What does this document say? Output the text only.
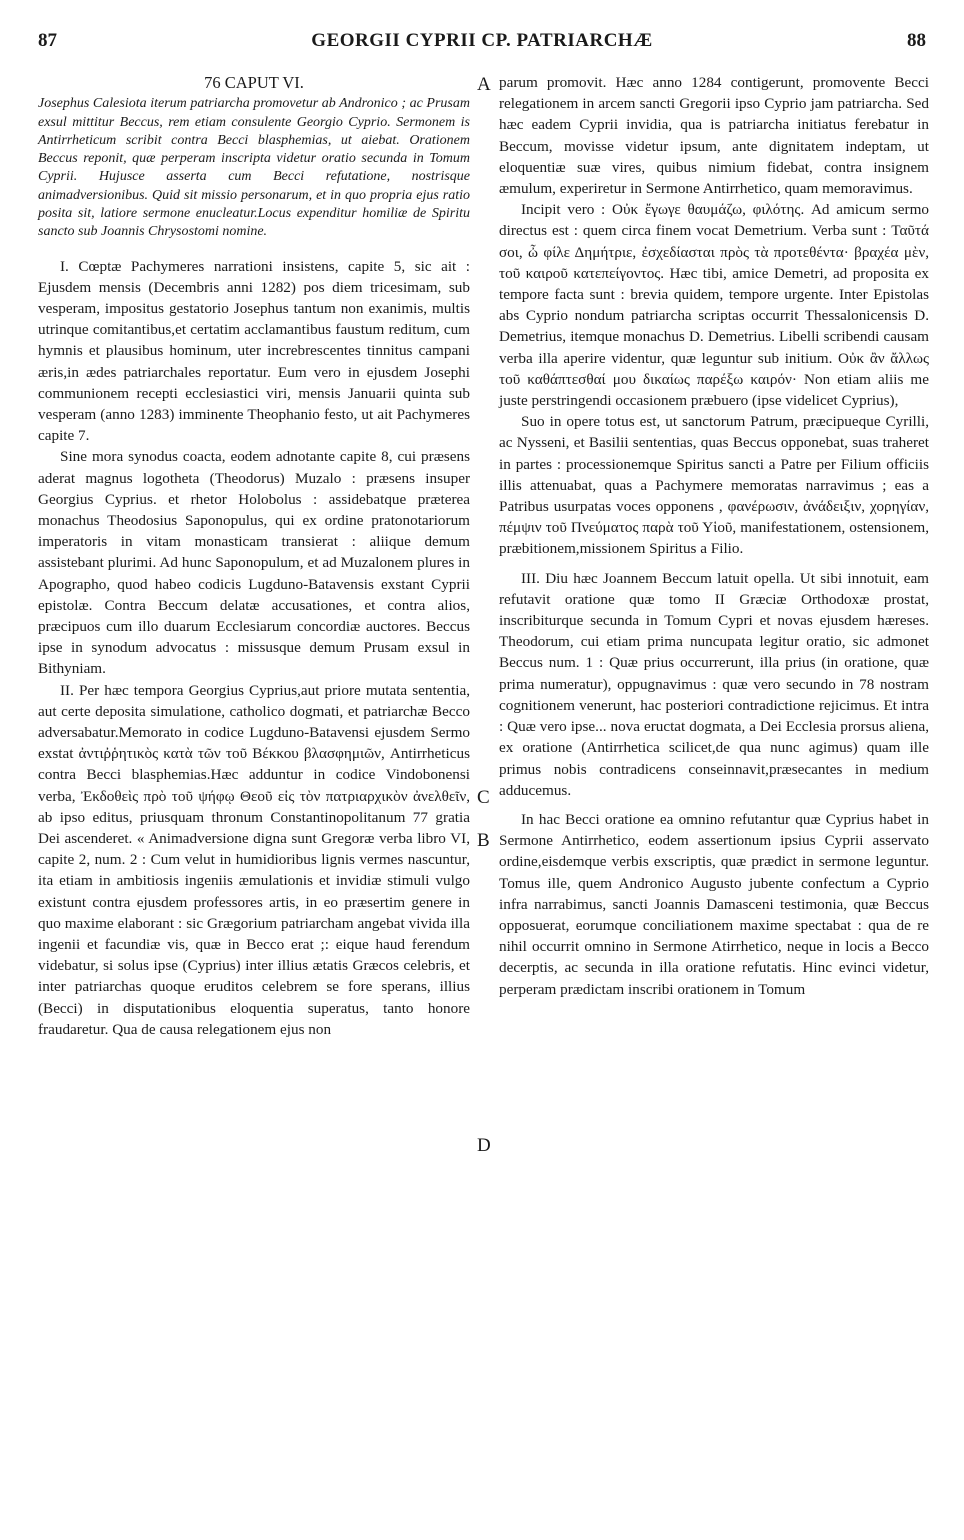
87	GEORGII CYPRII CP. PATRIARCHÆ	88
76 CAPUT VI.
Josephus Calesiota iterum patriarcha promovetur ab Andronico ; ac Prusam exsul mittitur Beccus, rem etiam consulente Georgio Cyprio. Sermonem is Antirrheticum scribit contra Becci blasphemias, ut aiebat. Orationem Beccus reponit, quæ perperam inscripta videtur oratio secunda in Tomum Cyprii. Hujusce asserta cum Becci refutatione, nostrisque animadversionibus. Quid sit missio personarum, et in quo propria ejus ratio posita sit, latiore sermone enucleatur.Locus expenditur homiliæ de Spiritu sancto sub Joannis Chrysostomi nomine.

I. Cœptæ Pachymeres narrationi insistens, capite 5, sic ait : Ejusdem mensis (Decembris anni 1282) pos diem tricesimam, sub vesperam, impositus gestatorio Josephus tantum non exanimis, multis utrinque comitantibus,et certatim acclamantibus faustum reditum, cum hymnis et plausibus hominum, uter increbrescentes tinnitus campani æris,in ædes patriarchales reportatur. Eum vero in ejusdem Josephi communionem recepti ecclesiastici viri, mensis Januarii quinta sub vesperam (anno 1283) imminente Theophanio festo, ut ait Pachymeres capite 7.

Sine mora synodus coacta, eodem adnotante capite 8, cui præsens aderat magnus logotheta (Theodorus) Muzalo : præsens insuper Georgius Cyprius. et rhetor Holobolus : assidebatque præterea monachus Theodosius Saponopulus, qui ex ordine pratonotariorum imperatoris in vitam monasticam transierat : aliique demum assistebant plurimi. Ad hunc Saponopulum, et ad Muzalonem plures in Apographo, quod habeo codicis Lugduno-Batavensis exstant Cyprii epistolæ. Contra Beccum delatæ accusationes, et contra alios, præcipuos cum illo duarum Ecclesiarum concordiæ auctores. Beccus ipse in synodum advocatus : missusque demum Prusam exsul in Bithyniam.

II. Per hæc tempora Georgius Cyprius,aut priore mutata sententia, aut certe deposita simulatione, catholico dogmati, et patriarchæ Becco adversabatur.Memorato in codice Lugduno-Batavensi ejusdem Sermo exstat ἀντιῤῥητικὸς κατὰ τῶν τοῦ Βέκκου βλασφημιῶν, Antirrheticus contra Becci blasphemias.Hæc adduntur in codice Vindobonensi verba, Ἐκδοθεὶς πρὸ τοῦ ψήφῳ Θεοῦ εἰς τὸν πατριαρχικὸν ἀνελθεῖν, ab ipso editus, priusquam thronum Constantinopolitanum 77 gratia Dei ascenderet. « Animadversione digna sunt Gregoræ verba libro VI, capite 2, num. 2 : Cum velut in humidioribus lignis vermes nascuntur, ita etiam in ambitiosis ingeniis æmulationis et invidiæ stimuli vulgo existunt contra ejusdem professores artis, in eo præsertim genere in quo maxime elaborant : sic Grægorium patriarcham angebat vivida illa ingenii et facundiæ vis, quæ in Becco erat ;: eique haud ferendum videbatur, si solus ipse (Cyprius) inter illius ætatis Græcos celebris, et inter patriarchas quoque eruditos celebrem se fore sperans, illius (Becci) in disputationibus eloquentia superatus, tanto honore fraudaretur. Qua de causa relegationem ejus non

A
B
C
D

parum promovit. Hæc anno 1284 contigerunt, promovente Becci relegationem in arcem sancti Gregorii ipso Cyprio jam patriarcha. Sed hæc eadem Cyprii invidia, qua is patriarcha initiatus ferebatur in Beccum, movisse videtur ipsum, ante dignitatem indeptam, ut eloquentiæ suæ vires, quibus nimium fidebat, contra insignem æmulum, experiretur in Sermone Antirrhetico, quam memoravimus.

Incipit vero : Οὐκ ἔγωγε θαυμάζω, φιλότης. Ad amicum sermo directus est : quem circa finem vocat Demetrium. Verba sunt : Ταῦτά σοι, ὦ φίλε Δημήτριε, ἐσχεδίασται πρὸς τὰ προτεθέντα· βραχέα μὲν, τοῦ καιροῦ κατεπείγοντος. Hæc tibi, amice Demetri, ad proposita ex tempore facta sunt : brevia quidem, tempore urgente. Inter Epistolas abs Cyprio nondum patriarcha scriptas occurrit Thessalonicensis D. Demetrius, itemque monachus D. Demetrius. Libelli scribendi causam verba illa aperire videntur, quæ leguntur sub initium. Οὐκ ἂν ἄλλως τοῦ καθάπτεσθαί μου δικαίως παρέξω καιρόν· Non etiam aliis me juste perstringendi occasionem præbuero (ipse videlicet Cyprius),

Suo in opere totus est, ut sanctorum Patrum, præcipueque Cyrilli, ac Nysseni, et Basilii sententias, quas Beccus opponebat, suas traheret in partes : processionemque Spiritus sancti a Patre per Filium officiis illis attenuabat, quas a Pachymere memoratas narravimus ; eas a Patribus usurpatas voces opponens , φανέρωσιν, ἀνάδειξιν, χορηγίαν, πέμψιν τοῦ Πνεύματος παρὰ τοῦ Υἱοῦ, manifestationem, ostensionem, præbitionem,missionem Spiritus a Filio.

III. Diu hæc Joannem Beccum latuit opella. Ut sibi innotuit, eam refutavit oratione quæ tomo II Græciæ Orthodoxæ prostat, inscribiturque secunda in Tomum Cypri et novas ejusdem hæreses. Theodorum, cui etiam prima nuncupata legitur oratio, sic admonet Beccus num. 1 : Quæ prius occurrerunt, illa prius (in oratione, quæ prima numeratur), oppugnavimus : quæ vero secundo in 78 nostram cognitionem venerunt, hac posteriori contradictione rejicimus. Et intra : Quæ vero ipse... nova eructat dogmata, a Dei Ecclesia prorsus aliena, ex oratione (Antirrhetica scilicet,de qua nunc agimus) quam ille primus nobis contradicens conseinnavit,præsecantes in medium adducemus.

In hac Becci oratione ea omnino refutantur quæ Cyprius habet in Sermone Antirrhetico, eodem assertionum ipsius Cyprii asservato ordine,eisdemque verbis exscriptis, quæ prædict in sermone leguntur. Tomus ille, quem Andronico Augusto jubente confectum a Cyprio infra narrabimus, sancti Joannis Damasceni testimonia, quæ Beccus opposuerat, eorumque conciliationem maxime spectabat : qua de re nihil occurrit omnino in Sermone Atirrhetico, neque in locis a Becco decerptis, ac secunda in illa oratione refutatis. Hinc evinci videtur, perperam prædictam inscribi orationem in Tomum
